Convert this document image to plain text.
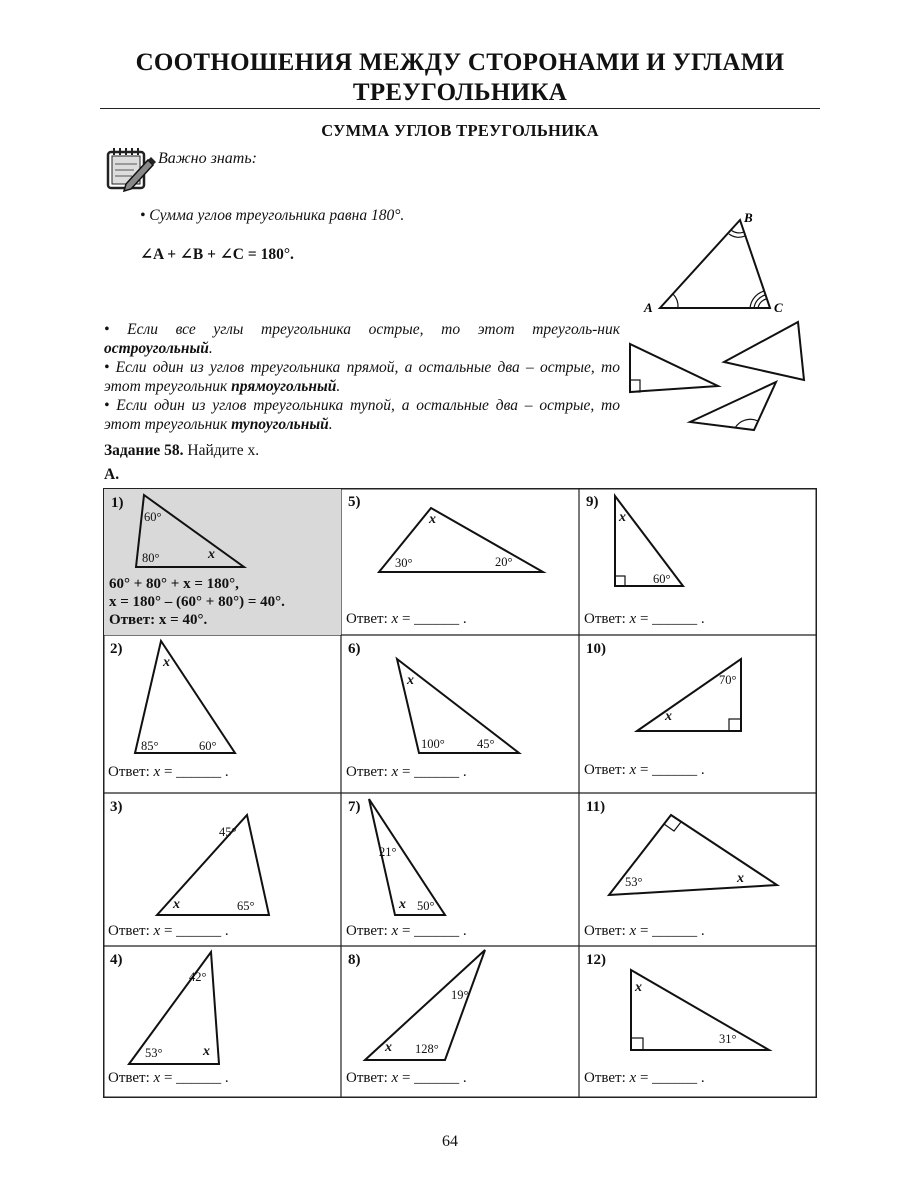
СООТНОШЕНИЯ МЕЖДУ СТОРОНАМИ И УГЛАМИ
ТРЕУГОЛЬНИКА
СУММА УГЛОВ ТРЕУГОЛЬНИКА
Важно знать:
• Сумма углов треугольника равна 180°.
∠A + ∠B + ∠C = 180°.
A
B
C
• Если все углы треугольника острые, то этот треуголь-ник остроугольный.
• Если один из углов треугольника прямой, а остальные два – острые, то этот треугольник прямоугольный.
• Если один из углов треугольника тупой, а остальные два – острые, то этот треугольник тупоугольный.
Задание 58. Найдите x.
А.
1)
60°
80°	x
60° + 80° + x = 180°,
x = 180° – (60° + 80°) = 40°.
Ответ: x = 40°.
5)
30°	20°
x
Ответ: x = ______ .
9)
60°
x
Ответ: x = ______ .
2)
85°	60°
x
Ответ: x = ______ .
6)
100°	45°
x
Ответ: x = ______ .
10)
70°
x
Ответ: x = ______ .
3)
45°
65°
x
Ответ: x = ______ .
7)
21°
50°
x
Ответ: x = ______ .
11)
53°	x
Ответ: x = ______ .
4)
42°
53°	x
Ответ: x = ______ .
8)
19°
128°
x
Ответ: x = ______ .
12)
31°
x
Ответ: x = ______ .
64
